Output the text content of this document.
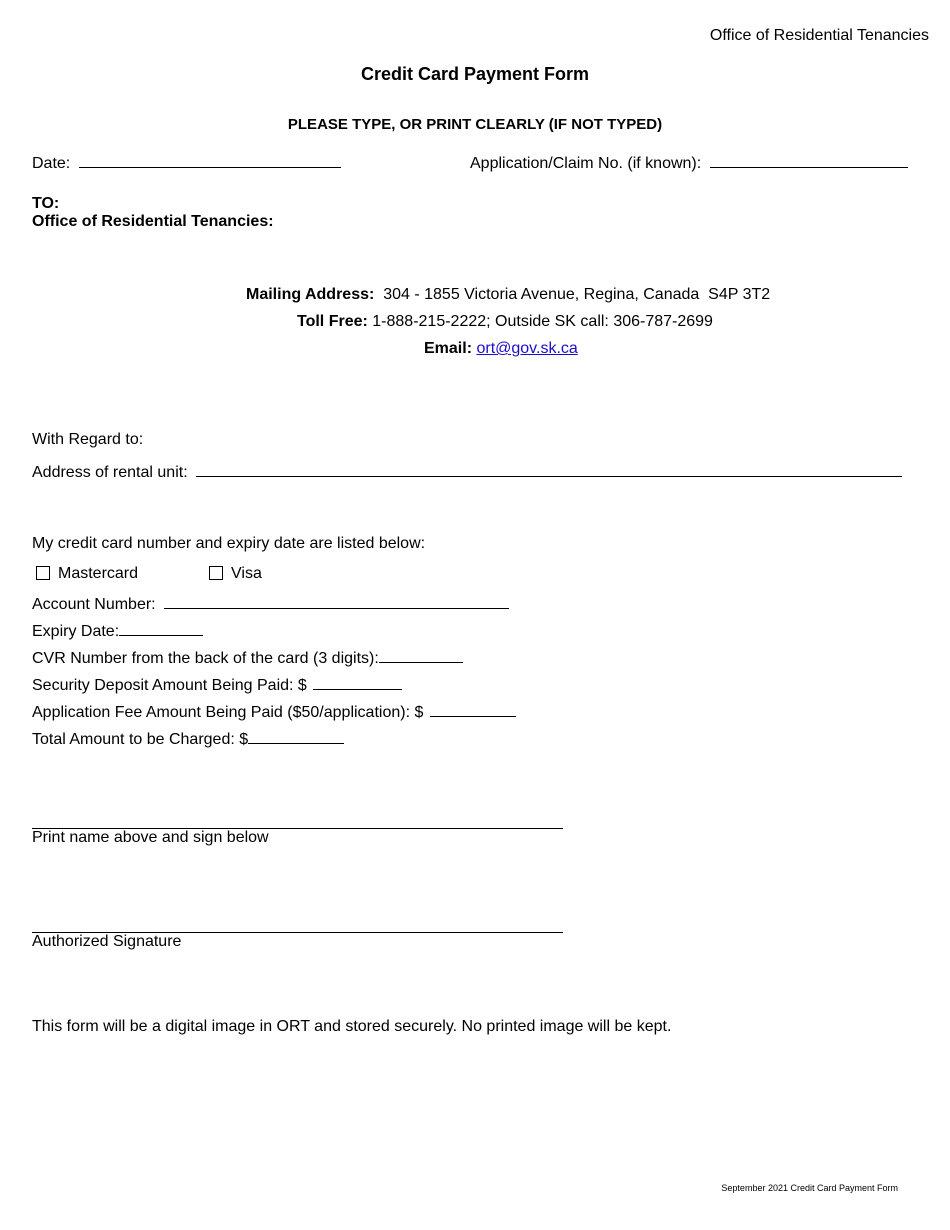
Office of Residential Tenancies
Credit Card Payment Form
PLEASE TYPE, OR PRINT CLEARLY (IF NOT TYPED)
Date:	Application/Claim No. (if known):
TO:
Office of Residential Tenancies:
Mailing Address: 304 - 1855 Victoria Avenue, Regina, Canada  S4P 3T2
Toll Free: 1-888-215-2222; Outside SK call: 306-787-2699
Email: ort@gov.sk.ca
With Regard to:
Address of rental unit:
My credit card number and expiry date are listed below:
Mastercard	Visa
Account Number:
Expiry Date:
CVR Number from the back of the card (3 digits):
Security Deposit Amount Being Paid: $
Application Fee Amount Being Paid ($50/application): $
Total Amount to be Charged: $
Print name above and sign below
Authorized Signature
This form will be a digital image in ORT and stored securely. No printed image will be kept.
September 2021 Credit Card Payment Form
